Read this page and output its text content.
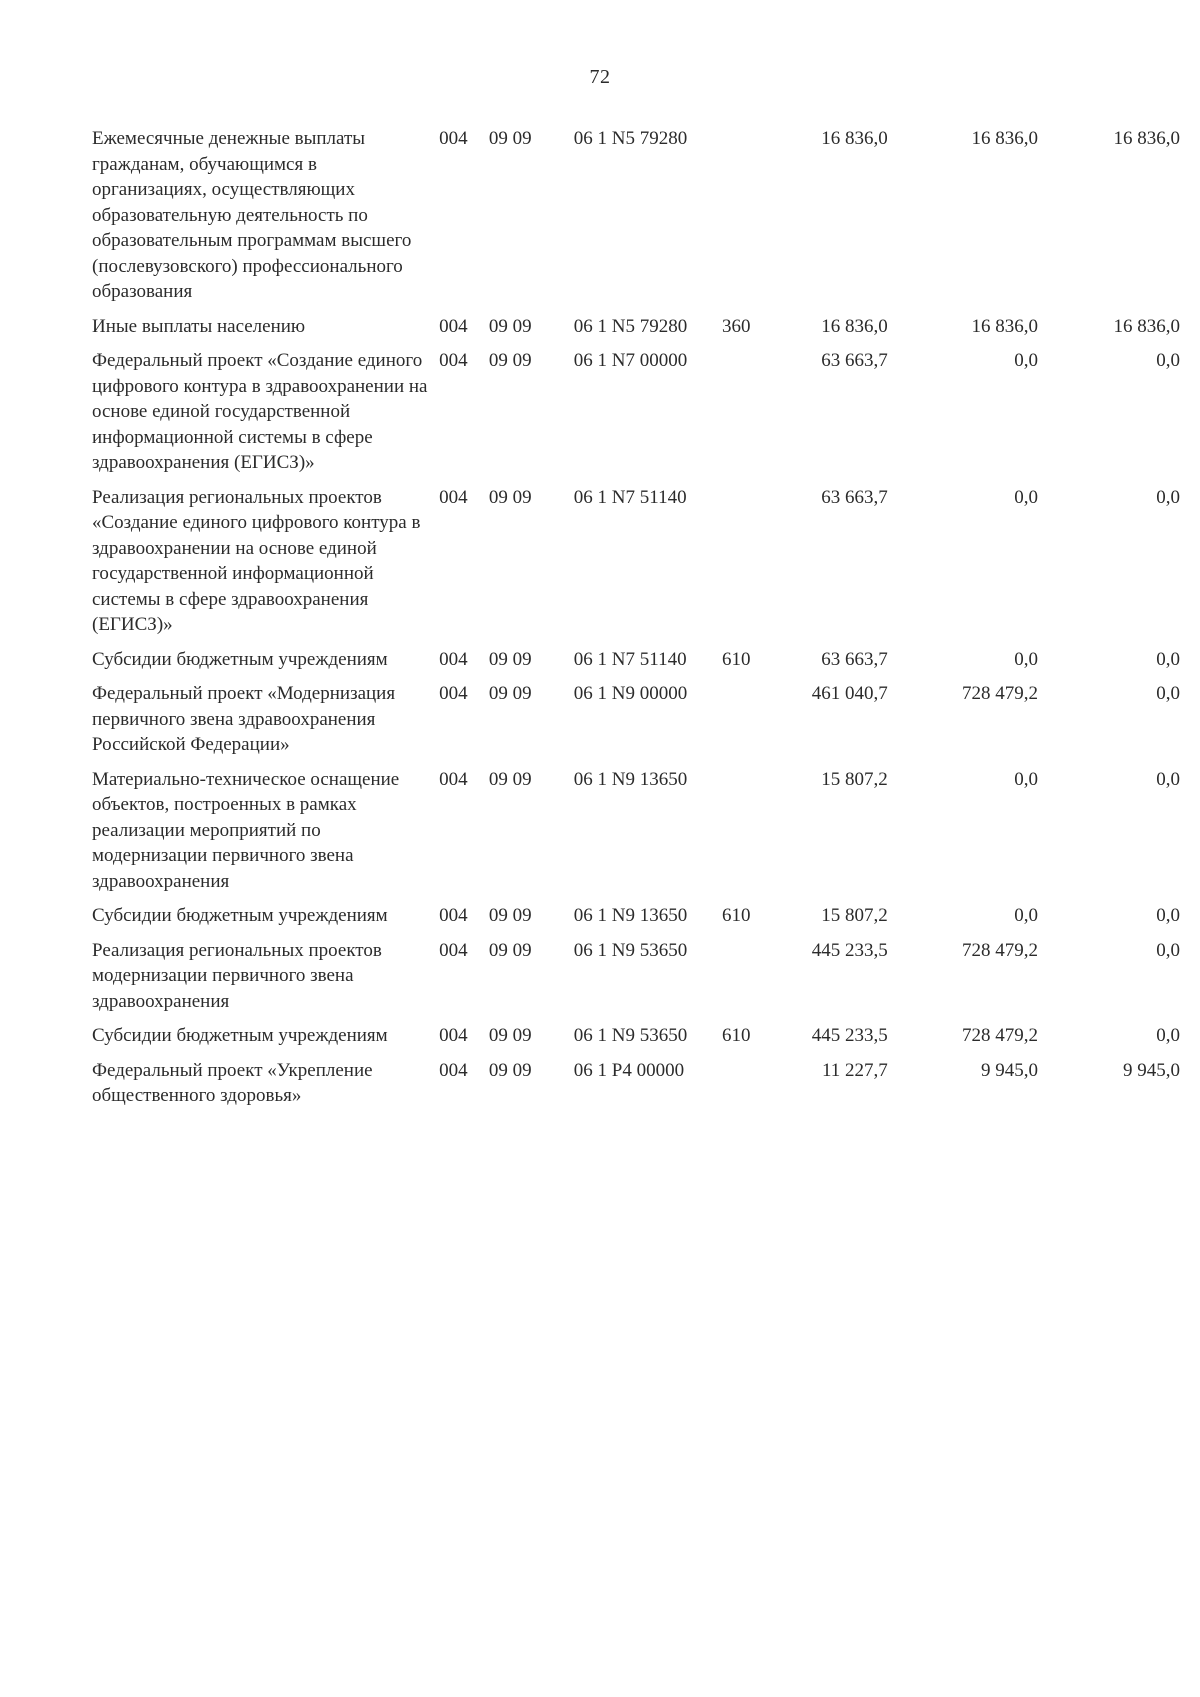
72
Ежемесячные денежные выплаты гражданам, обучающимся в организациях, осуществляющих образовательную деятельность по образовательным программам высшего (послевузовского) профессионального образования	004	09 09	06 1 N5 79280		16 836,0	16 836,0	16 836,0
Иные выплаты населению	004	09 09	06 1 N5 79280	360	16 836,0	16 836,0	16 836,0
Федеральный проект «Создание единого цифрового контура в здравоохранении на основе единой государственной информационной системы в сфере здравоохранения (ЕГИСЗ)»	004	09 09	06 1 N7 00000		63 663,7	0,0	0,0
Реализация региональных проектов «Создание единого цифрового контура в здравоохранении на основе единой государственной информационной системы в сфере здравоохранения (ЕГИСЗ)»	004	09 09	06 1 N7 51140		63 663,7	0,0	0,0
Субсидии бюджетным учреждениям	004	09 09	06 1 N7 51140	610	63 663,7	0,0	0,0
Федеральный проект «Модернизация первичного звена здравоохранения Российской Федерации»	004	09 09	06 1 N9 00000		461 040,7	728 479,2	0,0
Материально-техническое оснащение объектов, построенных в рамках реализации мероприятий по модернизации первичного звена здравоохранения	004	09 09	06 1 N9 13650		15 807,2	0,0	0,0
Субсидии бюджетным учреждениям	004	09 09	06 1 N9 13650	610	15 807,2	0,0	0,0
Реализация региональных проектов модернизации первичного звена здравоохранения	004	09 09	06 1 N9 53650		445 233,5	728 479,2	0,0
Субсидии бюджетным учреждениям	004	09 09	06 1 N9 53650	610	445 233,5	728 479,2	0,0
Федеральный проект «Укрепление общественного здоровья»	004	09 09	06 1 P4 00000		11 227,7	9 945,0	9 945,0
